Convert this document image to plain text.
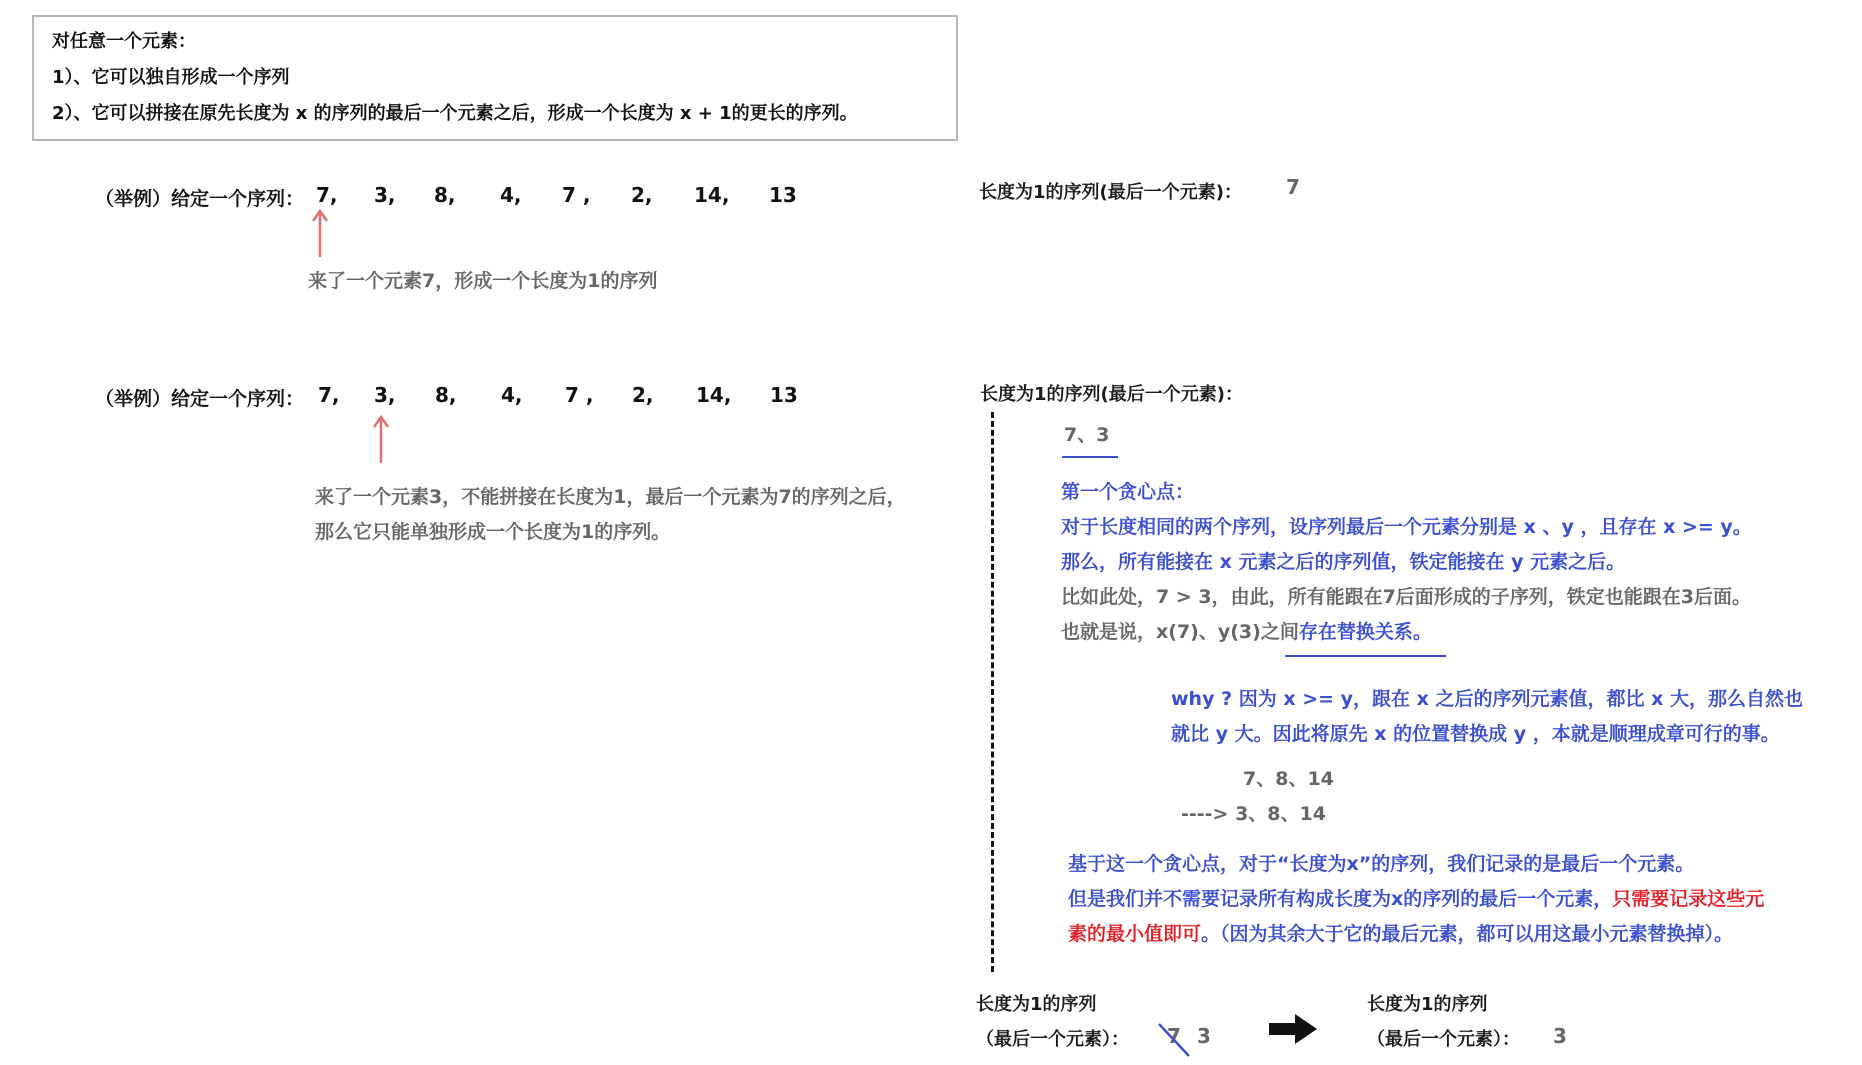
对任意一个元素：
1）、它可以独自形成一个序列
2）、它可以拼接在原先长度为 x 的序列的最后一个元素之后，形成一个长度为 x + 1的更长的序列。
（举例）给定一个序列： 7, 3, 8, 4, 7 , 2, 14, 13
来了一个元素7，形成一个长度为1的序列
长度为1的序列(最后一个元素)： 7
（举例）给定一个序列： 7, 3, 8, 4, 7 , 2, 14, 13
来了一个元素3，不能拼接在长度为1，最后一个元素为7的序列之后，
那么它只能单独形成一个长度为1的序列。
长度为1的序列(最后一个元素)：
7、3
第一个贪心点：
对于长度相同的两个序列，设序列最后一个元素分别是 x 、y ，且存在 x >= y。
那么，所有能接在 x 元素之后的序列值，铁定能接在 y 元素之后。
比如此处，7 > 3，由此，所有能跟在7后面形成的子序列，铁定也能跟在3后面。
也就是说，x(7)、y(3)之间存在替换关系。
why ? 因为 x >= y，跟在 x 之后的序列元素值，都比 x 大，那么自然也
就比 y 大。因此将原先 x 的位置替换成 y ，本就是顺理成章可行的事。
7、8、14
----> 3、8、14
基于这一个贪心点，对于“长度为x”的序列，我们记录的是最后一个元素。
但是我们并不需要记录所有构成长度为x的序列的最后一个元素，只需要记录这些元
素的最小值即可。（因为其余大于它的最后元素，都可以用这最小元素替换掉）。
长度为1的序列
（最后一个元素）： 7 3
长度为1的序列
（最后一个元素）： 3
